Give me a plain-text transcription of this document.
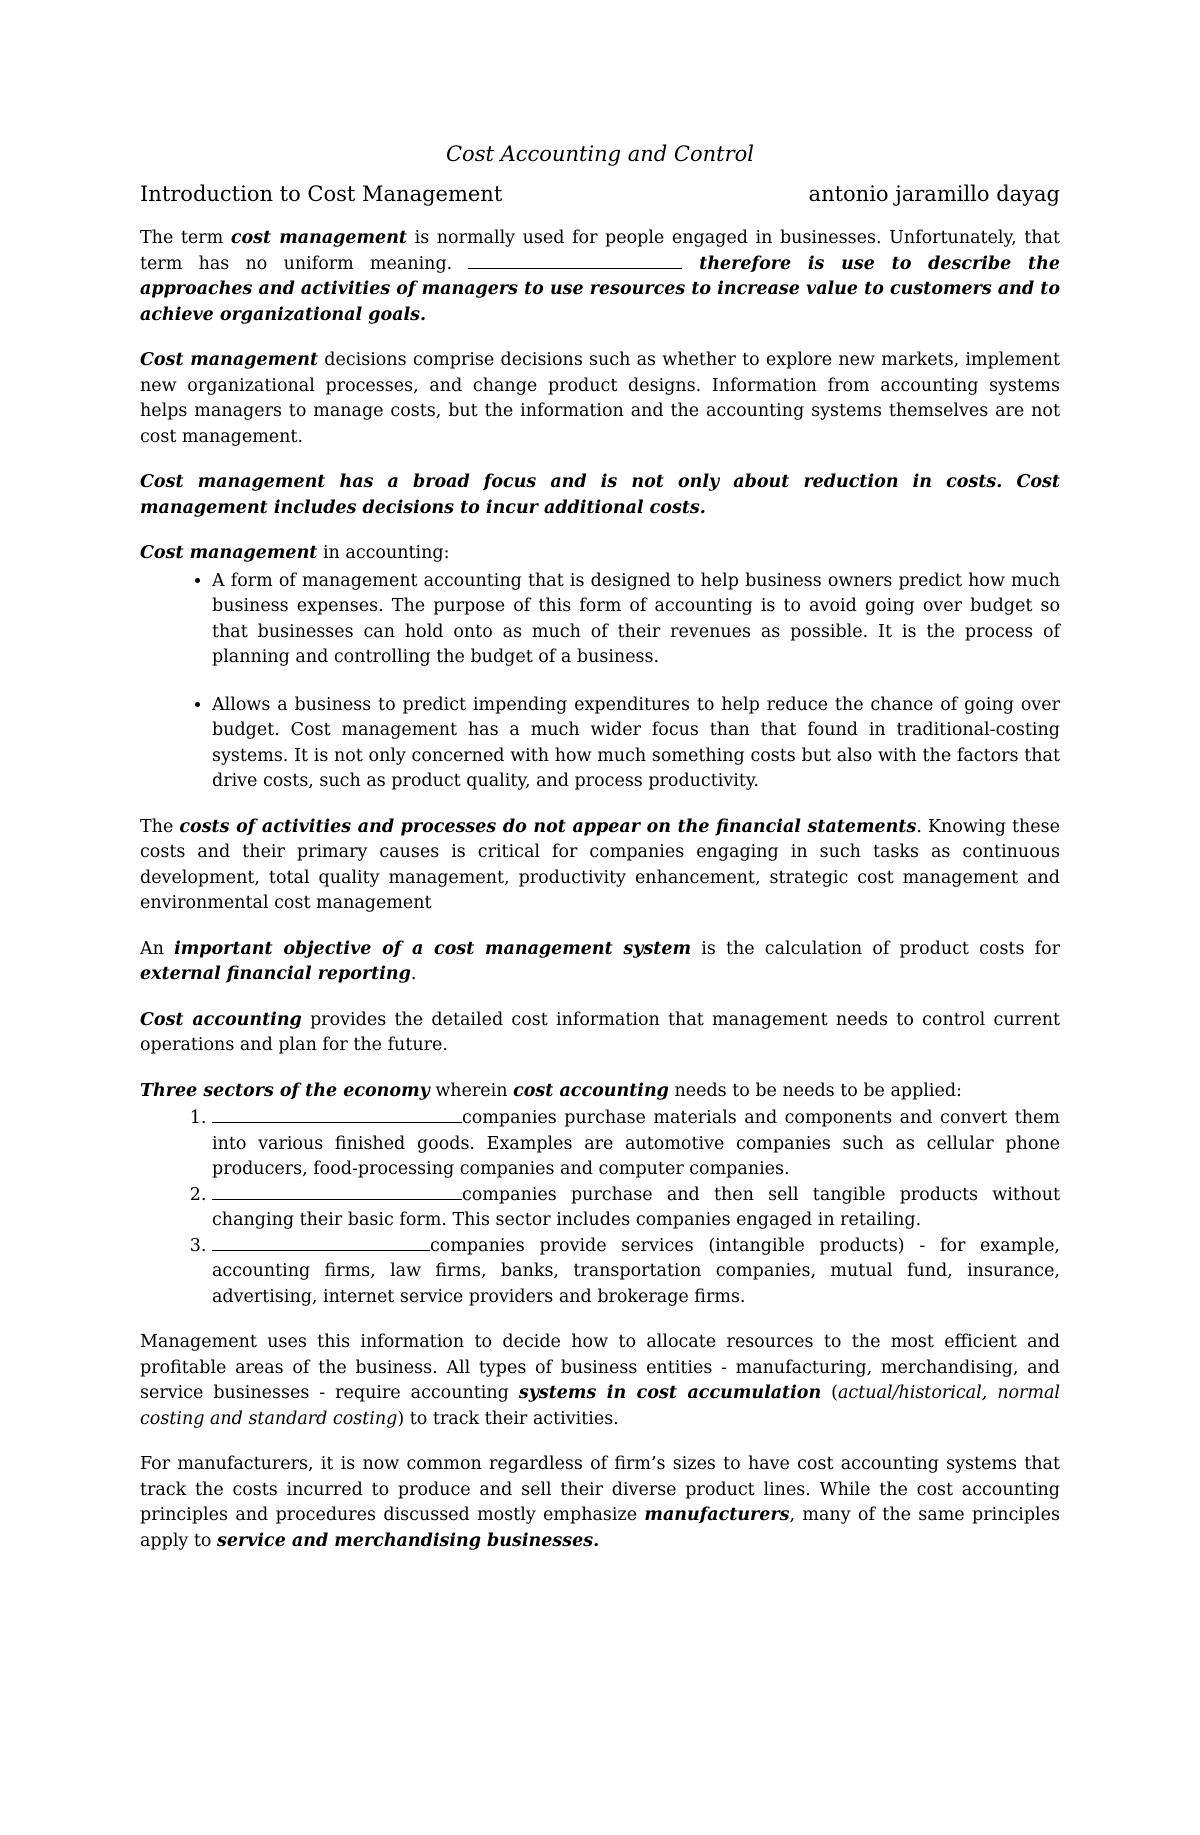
Cost Accounting and Control
Introduction to Cost Management	antonio jaramillo dayag

The term cost management is normally used for people engaged in businesses. Unfortunately, that term has no uniform meaning.	therefore is use to describe the approaches and activities of managers to use resources to increase value to customers and to achieve organizational goals.

Cost management decisions comprise decisions such as whether to explore new markets, implement new organizational processes, and change product designs. Information from accounting systems helps managers to manage costs, but the information and the accounting systems themselves are not cost management.

Cost management has a broad focus and is not only about reduction in costs. Cost management includes decisions to incur additional costs.

Cost management in accounting:

• A form of management accounting that is designed to help business owners predict how much business expenses. The purpose of this form of accounting is to avoid going over budget so that businesses can hold onto as much of their revenues as possible. It is the process of planning and controlling the budget of a business.
• Allows a business to predict impending expenditures to help reduce the chance of going over budget. Cost management has a much wider focus than that found in traditional-costing systems. It is not only concerned with how much something costs but also with the factors that drive costs, such as product quality, and process productivity.

The costs of activities and processes do not appear on the financial statements. Knowing these costs and their primary causes is critical for companies engaging in such tasks as continuous development, total quality management, productivity enhancement, strategic cost management and environmental cost management

An important objective of a cost management system is the calculation of product costs for external financial reporting.

Cost accounting provides the detailed cost information that management needs to control current operations and plan for the future.

Three sectors of the economy wherein cost accounting needs to be needs to be applied:

1. companies purchase materials and components and convert them into various finished goods. Examples are automotive companies such as cellular phone producers, food-processing companies and computer companies.
2. companies purchase and then sell tangible products without changing their basic form. This sector includes companies engaged in retailing.
3. companies provide services (intangible products) - for example, accounting firms, law firms, banks, transportation companies, mutual fund, insurance, advertising, internet service providers and brokerage firms.

Management uses this information to decide how to allocate resources to the most efficient and profitable areas of the business. All types of business entities - manufacturing, merchandising, and service businesses - require accounting systems in cost accumulation (actual/historical, normal costing and standard costing) to track their activities.

For manufacturers, it is now common regardless of firm’s sizes to have cost accounting systems that track the costs incurred to produce and sell their diverse product lines. While the cost accounting principles and procedures discussed mostly emphasize manufacturers, many of the same principles apply to service and merchandising businesses.
